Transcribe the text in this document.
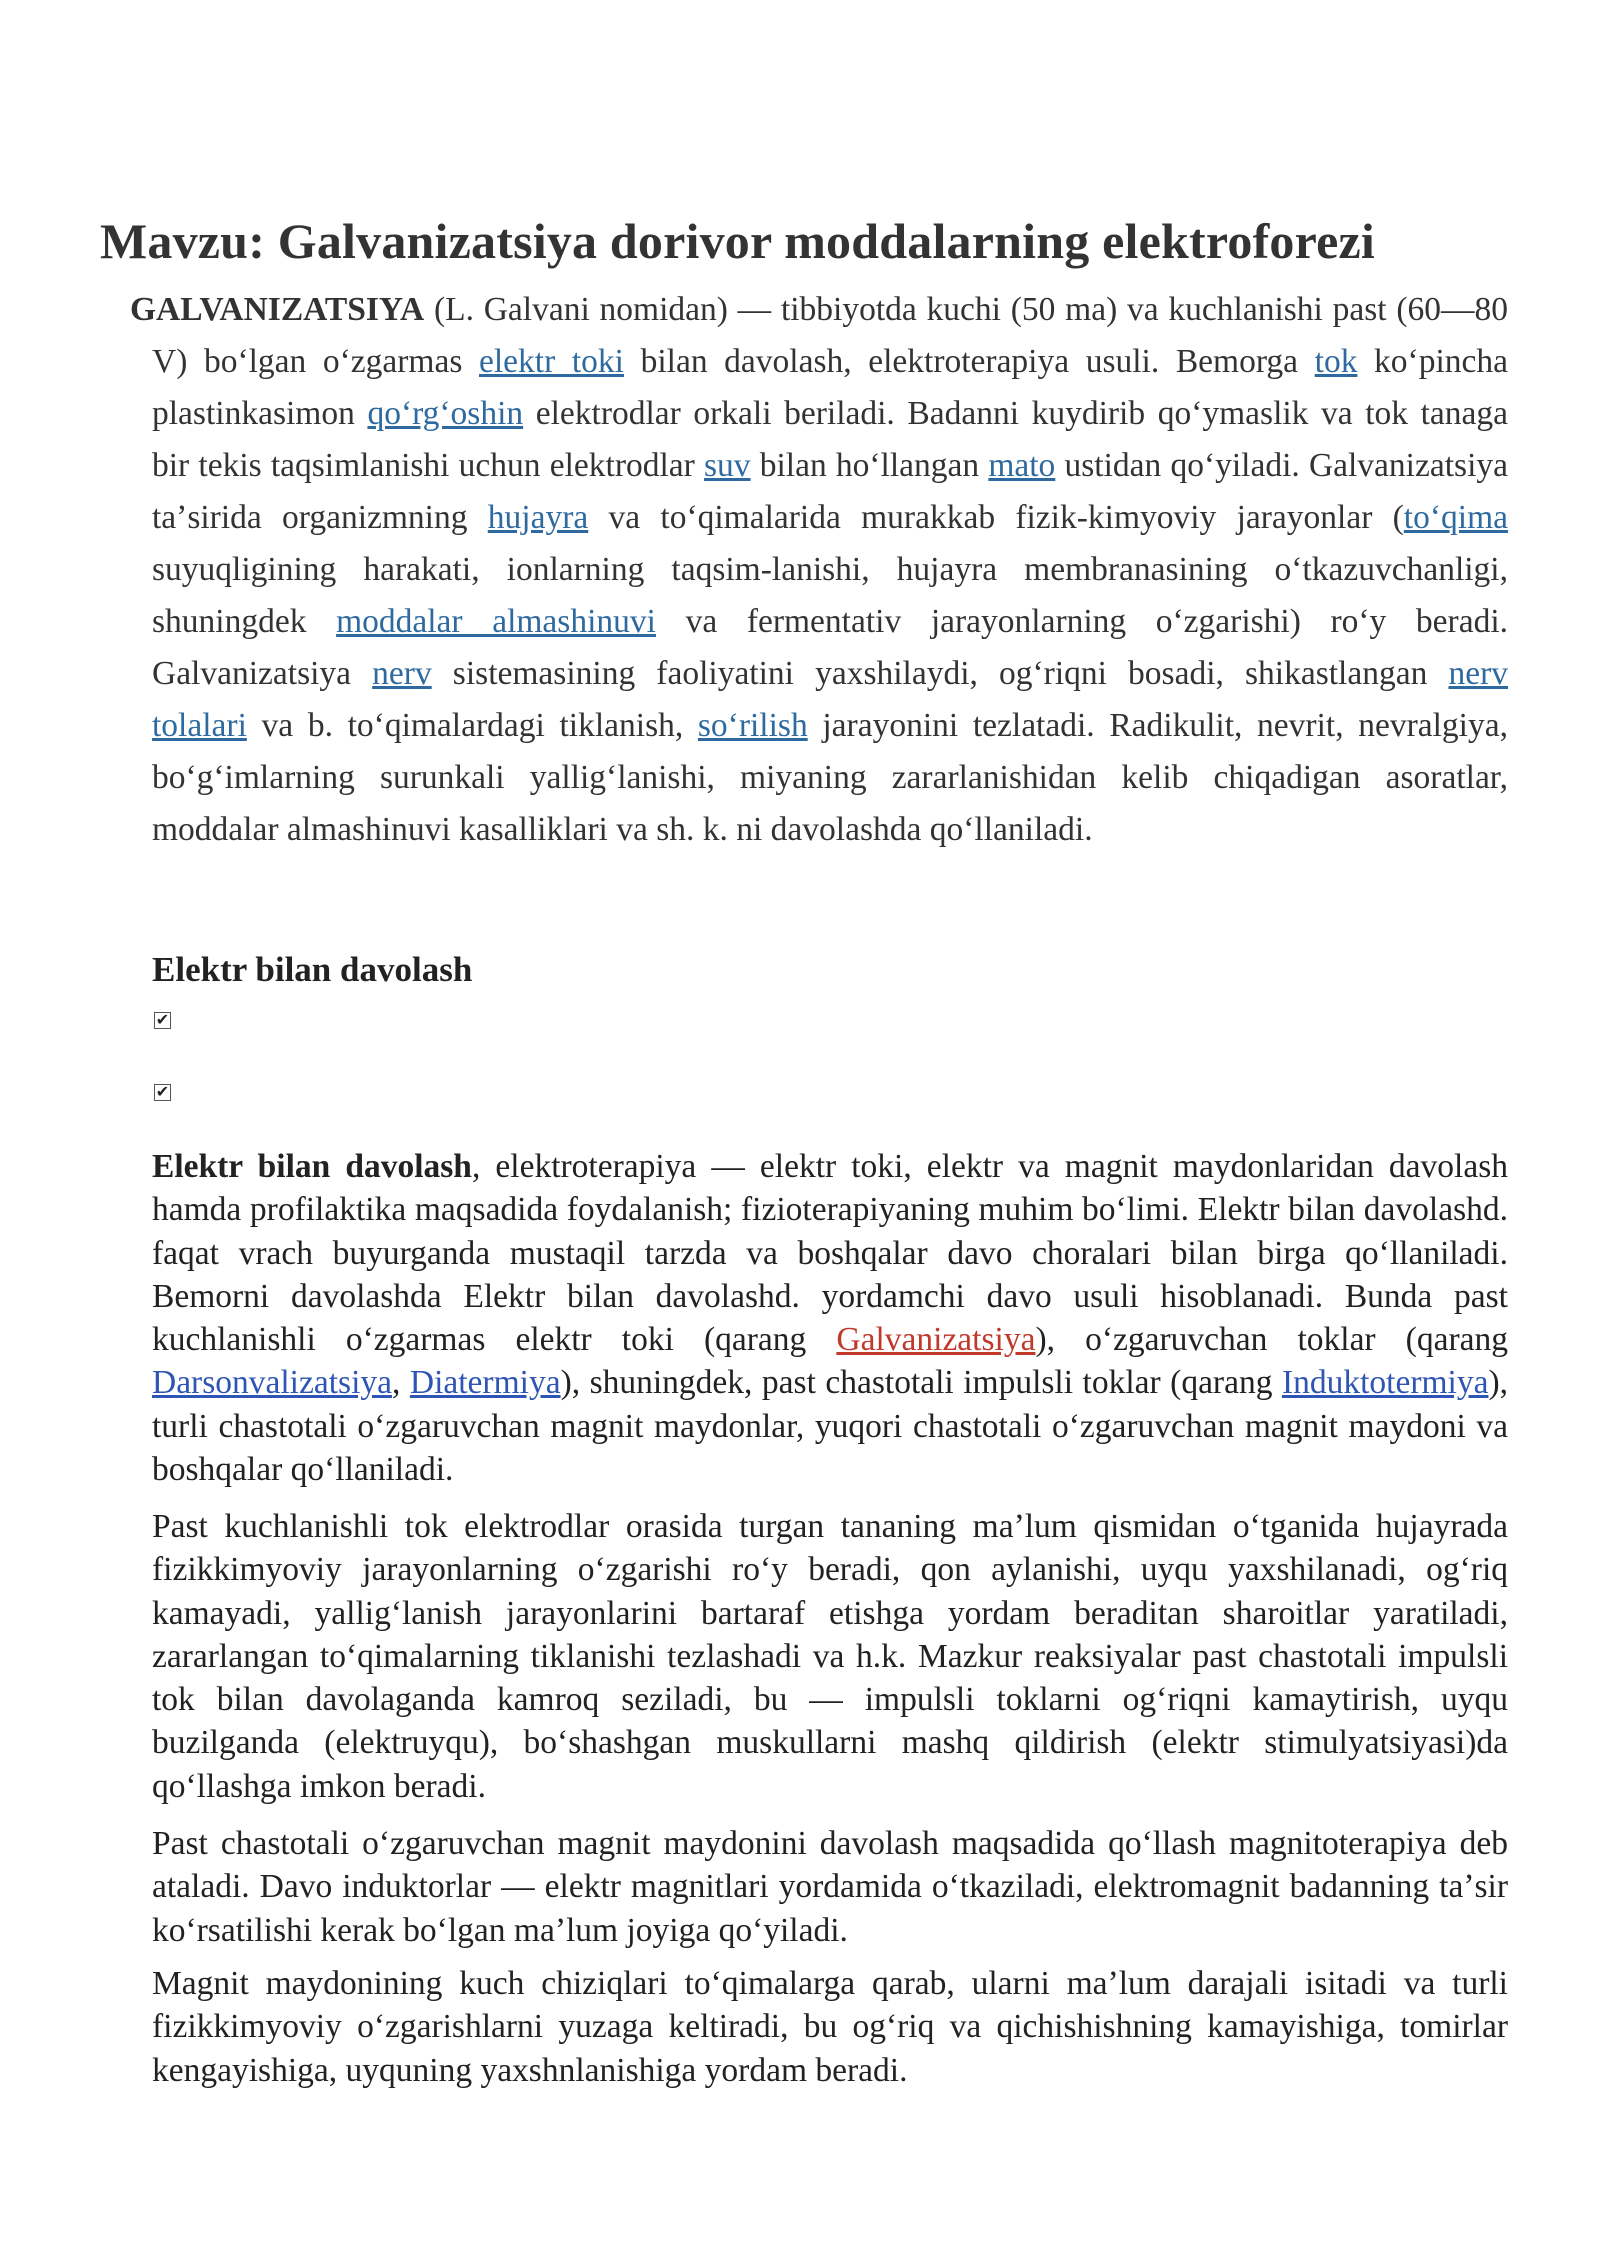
Mavzu: Galvanizatsiya dorivor moddalarning elektroforezi

GALVANIZATSIYA (L. Galvani nomidan) — tibbiyotda kuchi (50 ma) va kuchlanishi past (60—80 V) boʻlgan oʻzgarmas elektr toki bilan davolash, elektroterapiya usuli. Bemorga tok koʻpincha plastinkasimon qoʻrgʻoshin elektrodlar orkali beriladi. Badanni kuydirib qoʻymaslik va tok tanaga bir tekis taqsimlanishi uchun elektrodlar suv bilan hoʻllangan mato ustidan qoʻyiladi. Galvanizatsiya taʼsirida organizmning hujayra va toʻqimalarida murakkab fizik-kimyoviy jarayonlar (toʻqima suyuqligining harakati, ionlarning taqsim-lanishi, hujayra membranasining oʻtkazuvchanligi, shuningdek moddalar almashinuvi va fermentativ jarayonlarning oʻzgarishi) roʻy beradi. Galvanizatsiya nerv sistemasining faoliyatini yaxshilaydi, ogʻriqni bosadi, shikastlangan nerv tolalari va b. toʻqimalardagi tiklanish, soʻrilish jarayonini tezlatadi. Radikulit, nevrit, nevralgiya, boʻgʻimlarning surunkali yalligʻlanishi, miyaning zararlanishidan kelib chiqadigan asoratlar, moddalar almashinuvi kasalliklari va sh. k. ni davolashda qoʻllaniladi.

Elektr bilan davolash
✔
✔

Elektr bilan davolash, elektroterapiya — elektr toki, elektr va magnit maydonlaridan davolash hamda profilaktika maqsadida foydalanish; fizioterapiyaning muhim boʻlimi. Elektr bilan davolashd. faqat vrach buyurganda mustaqil tarzda va boshqalar davo choralari bilan birga qoʻllaniladi. Bemorni davolashda Elektr bilan davolashd. yordamchi davo usuli hisoblanadi. Bunda past kuchlanishli oʻzgarmas elektr toki (qarang Galvanizatsiya), oʻzgaruvchan toklar (qarang Darsonvalizatsiya, Diatermiya), shuningdek, past chastotali impulsli toklar (qarang Induktotermiya), turli chastotali oʻzgaruvchan magnit maydonlar, yuqori chastotali oʻzgaruvchan magnit maydoni va boshqalar qoʻllaniladi.

Past kuchlanishli tok elektrodlar orasida turgan tananing maʼlum qismidan oʻtganida hujayrada fizikkimyoviy jarayonlarning oʻzgarishi roʻy beradi, qon aylanishi, uyqu yaxshilanadi, ogʻriq kamayadi, yalligʻlanish jarayonlarini bartaraf etishga yordam beraditan sharoitlar yaratiladi, zararlangan toʻqimalarning tiklanishi tezlashadi va h.k. Mazkur reaksiyalar past chastotali impulsli tok bilan davolaganda kamroq seziladi, bu — impulsli toklarni ogʻriqni kamaytirish, uyqu buzilganda (elektruyqu), boʻshashgan muskullarni mashq qildirish (elektr stimulyatsiyasi)da qoʻllashga imkon beradi.

Past chastotali oʻzgaruvchan magnit maydonini davolash maqsadida qoʻllash magnitoterapiya deb ataladi. Davo induktorlar — elektr magnitlari yordamida oʻtkaziladi, elektromagnit badanning taʼsir koʻrsatilishi kerak boʻlgan maʼlum joyiga qoʻyiladi.

Magnit maydonining kuch chiziqlari toʻqimalarga qarab, ularni maʼlum darajali isitadi va turli fizikkimyoviy oʻzgarishlarni yuzaga keltiradi, bu ogʻriq va qichishishning kamayishiga, tomirlar kengayishiga, uyquning yaxshnlanishiga yordam beradi.
